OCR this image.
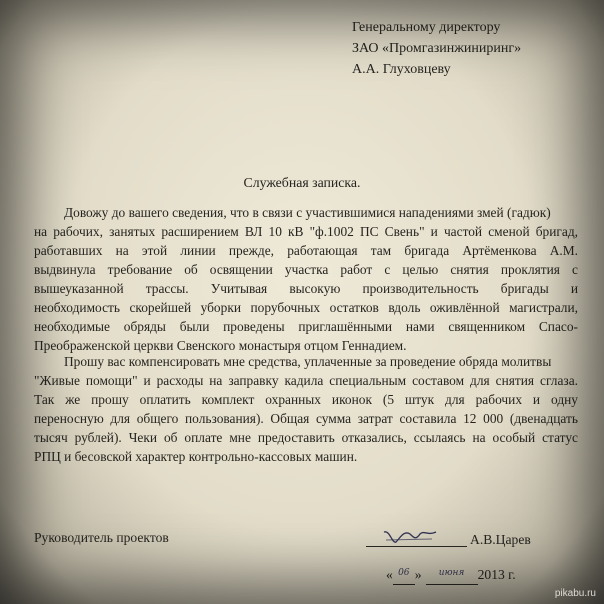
Генеральному директору
ЗАО «Промгазинжиниринг»
А.А. Глуховцеву
Служебная записка.
Довожу до вашего сведения, что в связи с участившимися нападениями змей (гадюк)
на рабочих, занятых расширением ВЛ 10 кВ "ф.1002 ПС Свень" и частой сменой бригад,
работавших на этой линии прежде, работающая там бригада Артёменкова А.М.
выдвинула требование об освящении участка работ с целью снятия проклятия с
вышеуказанной трассы. Учитывая высокую производительность бригады и
необходимость скорейшей уборки порубочных остатков вдоль оживлённой магистрали,
необходимые обряды были проведены приглашёнными нами священником Спасо-
Преображенской церкви Свенского монастыря отцом Геннадием.
Прошу вас компенсировать мне средства, уплаченные за проведение обряда молитвы
"Живые помощи" и расходы на заправку кадила специальным составом для снятия сглаза.
Так же прошу оплатить комплект охранных иконок (5 штук для рабочих и одну
переносную для общего пользования). Общая сумма затрат составила 12 000 (двенадцать
тысяч рублей). Чеки об оплате мне предоставить отказались, ссылаясь на особый статус
РПЦ и бесовской характер контрольно-кассовых машин.
Руководитель проектов	А.В.Царев
« 06 » июня 2013 г.
pikabu.ru
